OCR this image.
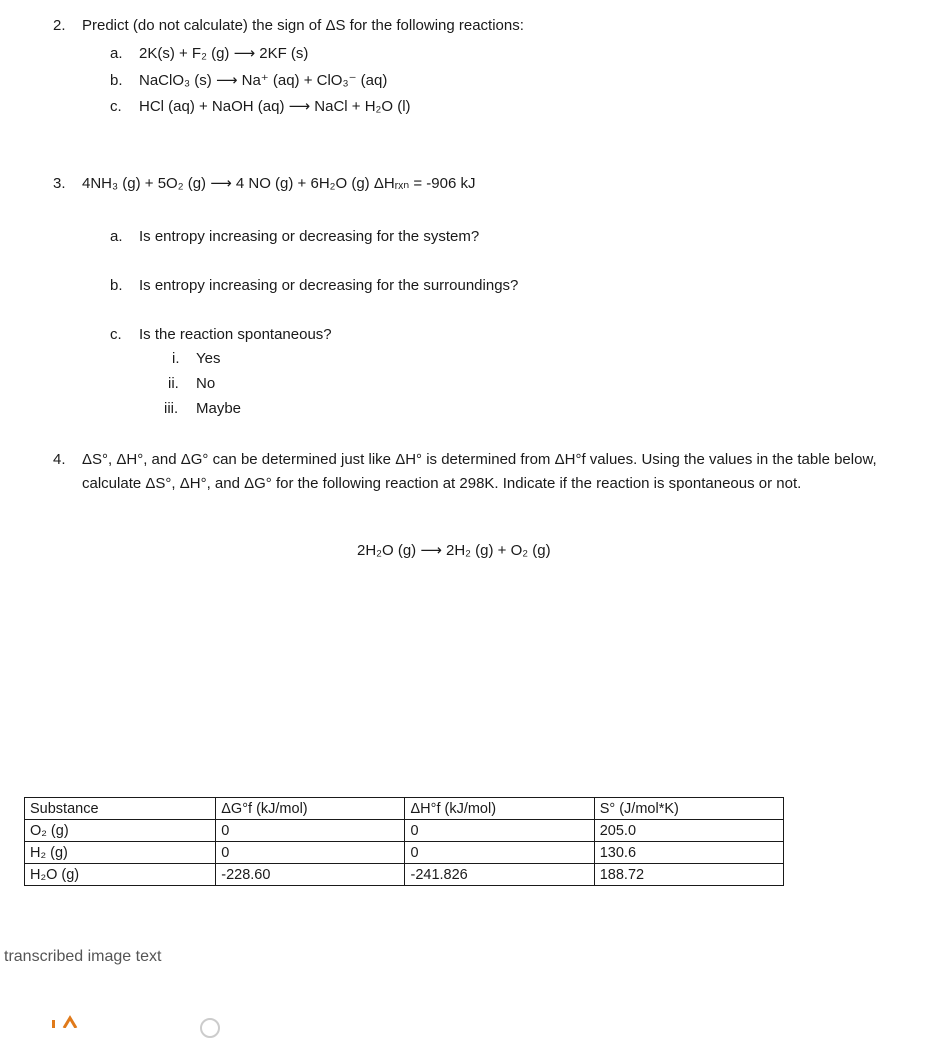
2. Predict (do not calculate) the sign of ΔS for the following reactions:
a. 2K(s) + F₂ (g) ⟶ 2KF (s)
b. NaClO₃ (s) ⟶ Na⁺ (aq) + ClO₃⁻ (aq)
c. HCl (aq) + NaOH (aq) ⟶ NaCl + H₂O (l)
3. 4NH₃ (g) + 5O₂ (g) ⟶ 4 NO (g) + 6H₂O (g) ΔHᵣₓₙ = -906 kJ
a. Is entropy increasing or decreasing for the system?
b. Is entropy increasing or decreasing for the surroundings?
c. Is the reaction spontaneous?
i. Yes
ii. No
iii. Maybe
4. ΔS°, ΔH°, and ΔG° can be determined just like ΔH° is determined from ΔH°f values. Using the values in the table below, calculate ΔS°, ΔH°, and ΔG° for the following reaction at 298K. Indicate if the reaction is spontaneous or not.
2H₂O (g) ⟶ 2H₂ (g) + O₂ (g)
Substance	ΔG°f (kJ/mol)	ΔH°f (kJ/mol)	S° (J/mol*K)
O₂ (g)	0	0	205.0
H₂ (g)	0	0	130.6
H₂O (g)	-228.60	-241.826	188.72
transcribed image text
